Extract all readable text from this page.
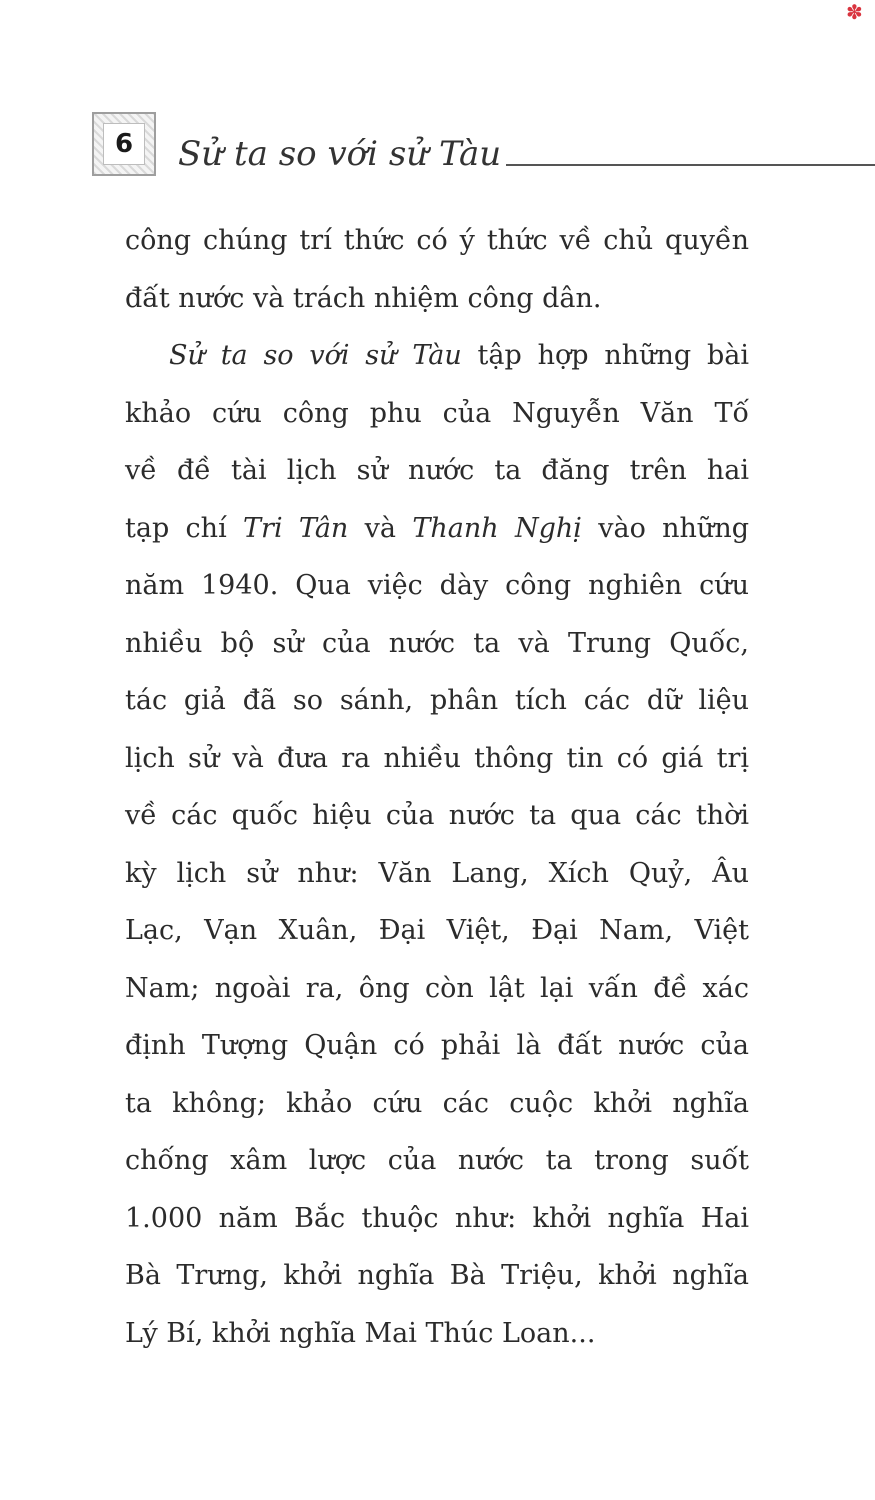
✽
6	Sử ta so với sử Tàu
công chúng trí thức có ý thức về chủ quyền
đất nước và trách nhiệm công dân.
Sử ta so với sử Tàu tập hợp những bài
khảo cứu công phu của Nguyễn Văn Tố
về đề tài lịch sử nước ta đăng trên hai
tạp chí Tri Tân và Thanh Nghị vào những
năm 1940. Qua việc dày công nghiên cứu
nhiều bộ sử của nước ta và Trung Quốc,
tác giả đã so sánh, phân tích các dữ liệu
lịch sử và đưa ra nhiều thông tin có giá trị
về các quốc hiệu của nước ta qua các thời
kỳ lịch sử như: Văn Lang, Xích Quỷ, Âu
Lạc, Vạn Xuân, Đại Việt, Đại Nam, Việt
Nam; ngoài ra, ông còn lật lại vấn đề xác
định Tượng Quận có phải là đất nước của
ta không; khảo cứu các cuộc khởi nghĩa
chống xâm lược của nước ta trong suốt
1.000 năm Bắc thuộc như: khởi nghĩa Hai
Bà Trưng, khởi nghĩa Bà Triệu, khởi nghĩa
Lý Bí, khởi nghĩa Mai Thúc Loan...
